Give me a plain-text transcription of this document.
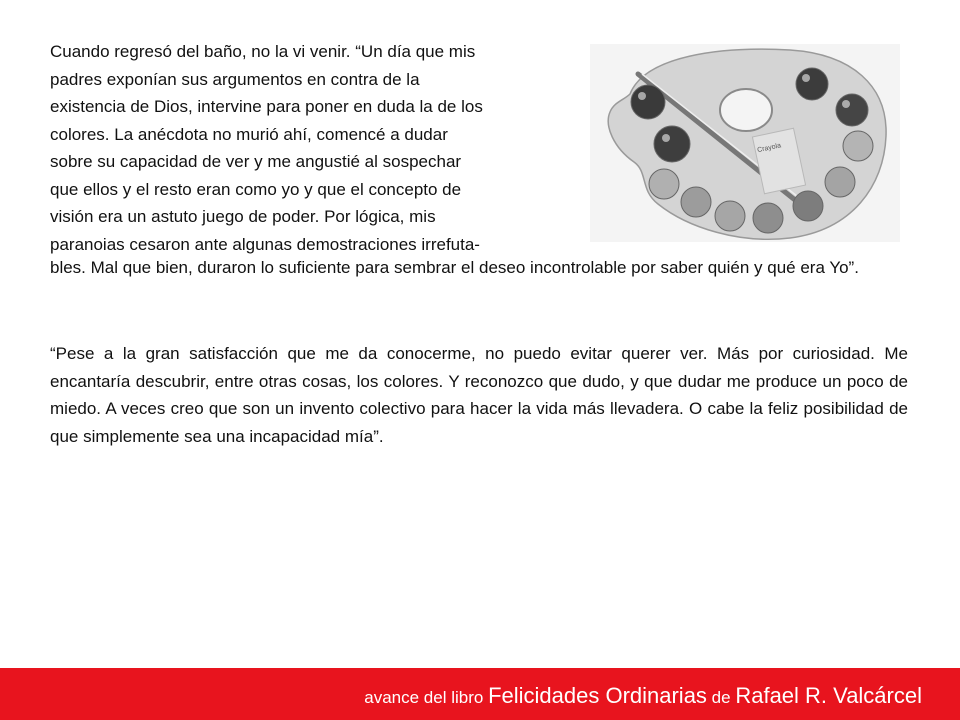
Cuando regresó del baño, no la vi venir. “Un día que mis
padres exponían sus argumentos en contra de la
existencia de Dios, intervine para poner en duda la de los
colores. La anécdota no murió ahí, comencé a dudar
sobre su capacidad de ver y me angustié al sospechar
que ellos y el resto eran como yo y que el concepto de
visión era un astuto juego de poder. Por lógica, mis
paranoias cesaron ante algunas demostraciones irrefuta-
bles. Mal que bien, duraron lo suficiente para sembrar el deseo incontrolable por saber quién y qué era Yo”.
“Pese a la gran satisfacción que me da conocerme, no puedo evitar querer ver. Más por curiosidad. Me encantaría descubrir, entre otras cosas, los colores. Y reconozco que dudo, y que dudar me produce un poco de miedo. A veces creo que son un invento colectivo para hacer la vida más llevadera. O cabe la feliz posibilidad de que simplemente sea una incapacidad mía”.
Crayola
avance del libro Felicidades Ordinarias de Rafael R. Valcárcel
